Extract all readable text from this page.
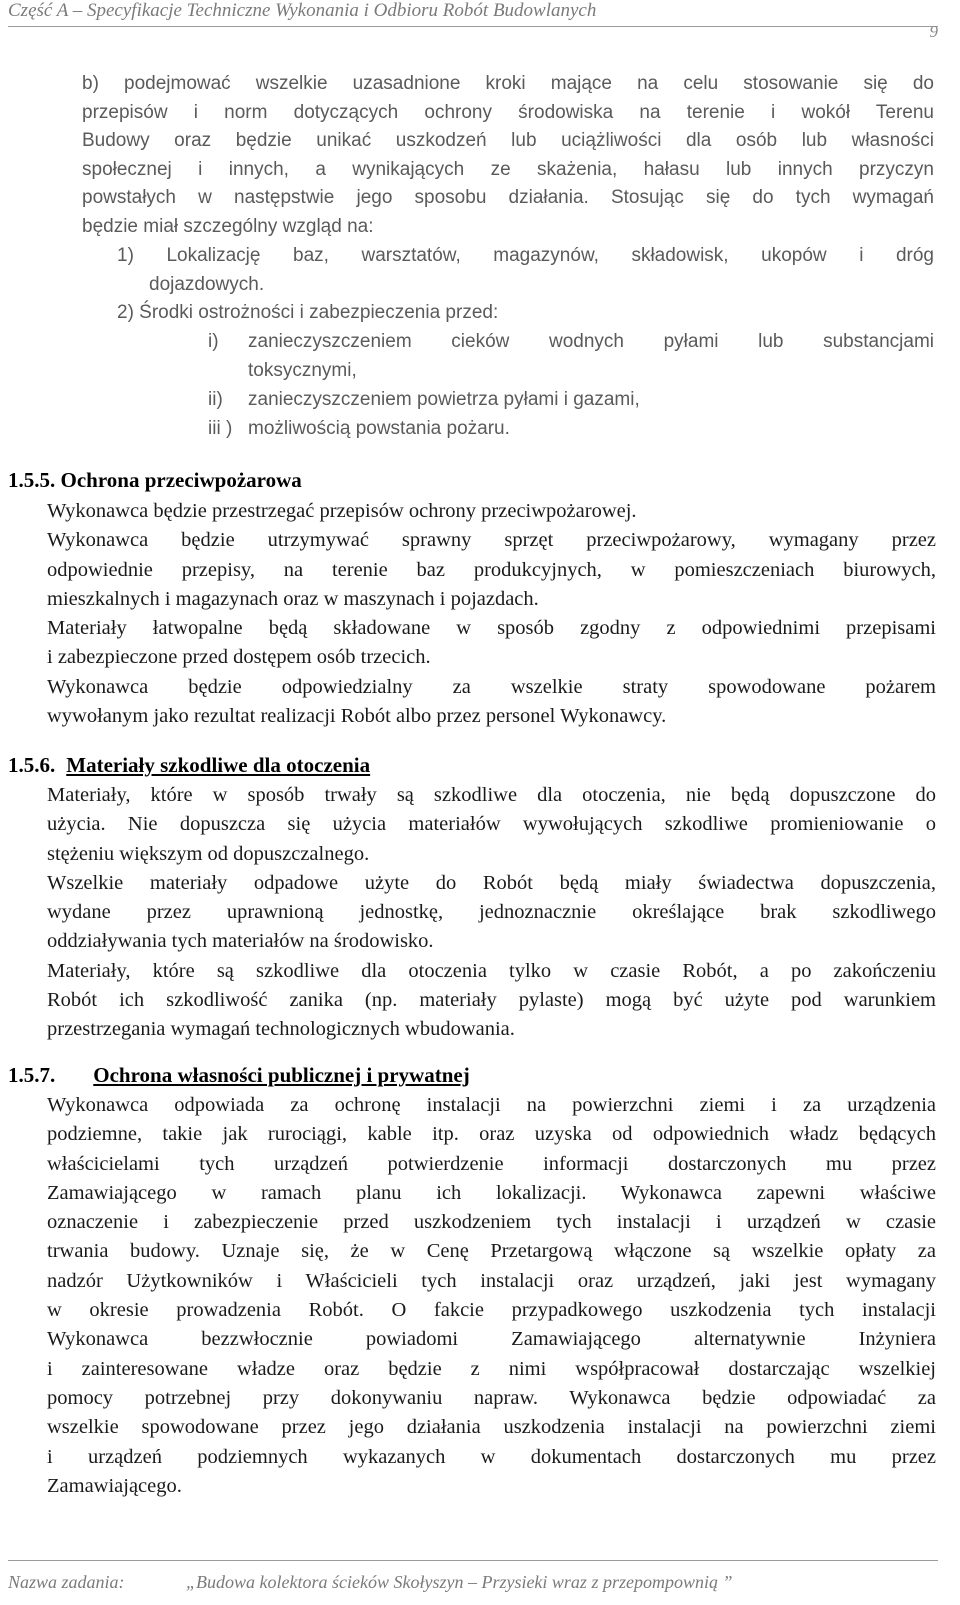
Część A – Specyfikacje Techniczne Wykonania i Odbioru Robót Budowlanych
9
b) podejmować wszelkie uzasadnione kroki mające na celu stosowanie się do
przepisów i norm dotyczących ochrony środowiska na terenie i wokół Terenu
Budowy oraz będzie unikać uszkodzeń lub uciążliwości dla osób lub własności
społecznej i innych, a wynikających ze skażenia, hałasu lub innych przyczyn
powstałych w następstwie jego sposobu działania. Stosując się do tych wymagań
będzie miał szczególny wzgląd na:
1) Lokalizację baz, warsztatów, magazynów, składowisk, ukopów i dróg
dojazdowych.
2) Środki ostrożności i zabezpieczenia przed:
i) zanieczyszczeniem cieków wodnych pyłami lub substancjami
toksycznymi,
ii) zanieczyszczeniem powietrza pyłami i gazami,
iii ) możliwością powstania pożaru.
1.5.5. Ochrona przeciwpożarowa
Wykonawca będzie przestrzegać przepisów ochrony przeciwpożarowej.
Wykonawca będzie utrzymywać sprawny sprzęt przeciwpożarowy, wymagany przez
odpowiednie przepisy, na terenie baz produkcyjnych, w pomieszczeniach biurowych,
mieszkalnych i magazynach oraz w maszynach i pojazdach.
Materiały łatwopalne będą składowane w sposób zgodny z odpowiednimi przepisami
i zabezpieczone przed dostępem osób trzecich.
Wykonawca będzie odpowiedzialny za wszelkie straty spowodowane pożarem
wywołanym jako rezultat realizacji Robót albo przez personel Wykonawcy.
1.5.6. Materiały szkodliwe dla otoczenia
Materiały, które w sposób trwały są szkodliwe dla otoczenia, nie będą dopuszczone do
użycia. Nie dopuszcza się użycia materiałów wywołujących szkodliwe promieniowanie o
stężeniu większym od dopuszczalnego.
Wszelkie materiały odpadowe użyte do Robót będą miały świadectwa dopuszczenia,
wydane przez uprawnioną jednostkę, jednoznacznie określające brak szkodliwego
oddziaływania tych materiałów na środowisko.
Materiały, które są szkodliwe dla otoczenia tylko w czasie Robót, a po zakończeniu
Robót ich szkodliwość zanika (np. materiały pylaste) mogą być użyte pod warunkiem
przestrzegania wymagań technologicznych wbudowania.
1.5.7. Ochrona własności publicznej i prywatnej
Wykonawca odpowiada za ochronę instalacji na powierzchni ziemi i za urządzenia
podziemne, takie jak rurociągi, kable itp. oraz uzyska od odpowiednich władz będących
właścicielami tych urządzeń potwierdzenie informacji dostarczonych mu przez
Zamawiającego w ramach planu ich lokalizacji. Wykonawca zapewni właściwe
oznaczenie i zabezpieczenie przed uszkodzeniem tych instalacji i urządzeń w czasie
trwania budowy. Uznaje się, że w Cenę Przetargową włączone są wszelkie opłaty za
nadzór Użytkowników i Właścicieli tych instalacji oraz urządzeń, jaki jest wymagany
w okresie prowadzenia Robót. O fakcie przypadkowego uszkodzenia tych instalacji
Wykonawca bezzwłocznie powiadomi Zamawiającego alternatywnie Inżyniera
i zainteresowane władze oraz będzie z nimi współpracował dostarczając wszelkiej
pomocy potrzebnej przy dokonywaniu napraw. Wykonawca będzie odpowiadać za
wszelkie spowodowane przez jego działania uszkodzenia instalacji na powierzchni ziemi
i urządzeń podziemnych wykazanych w dokumentach dostarczonych mu przez
Zamawiającego.
Nazwa zadania:	„Budowa kolektora ścieków Skołyszyn – Przysieki wraz z przepompownią ”
